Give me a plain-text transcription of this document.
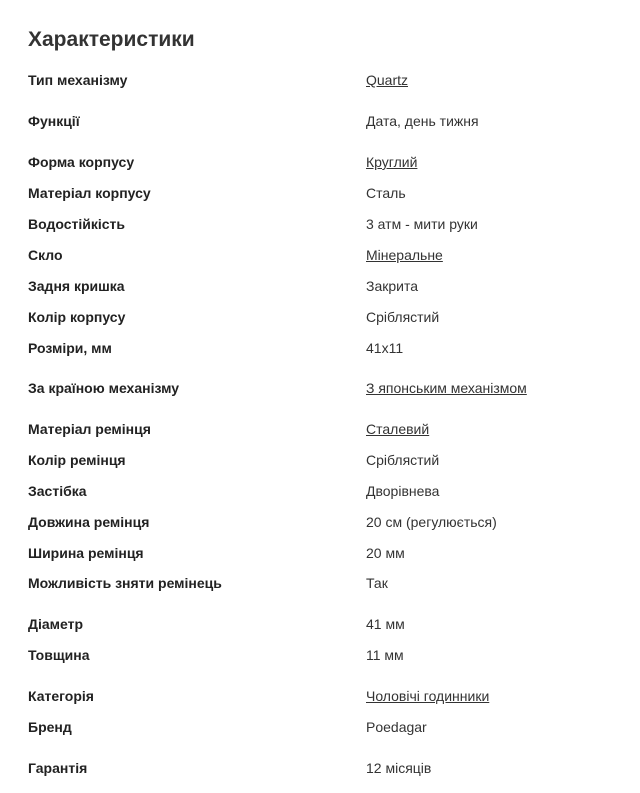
Характеристики
Тип механізму	Quartz
Функції	Дата, день тижня
Форма корпусу	Круглий
Матеріал корпусу	Сталь
Водостійкість	3 атм - мити руки
Скло	Мінеральне
Задня кришка	Закрита
Колір корпусу	Сріблястий
Розміри, мм	41x11
За країною механізму	З японським механізмом
Матеріал ремінця	Сталевий
Колір ремінця	Сріблястий
Застібка	Дворівнева
Довжина ремінця	20 см (регулюється)
Ширина ремінця	20 мм
Можливість зняти ремінець	Так
Діаметр	41 мм
Товщина	11 мм
Категорія	Чоловічі годинники
Бренд	Poedagar
Гарантія	12 місяців
